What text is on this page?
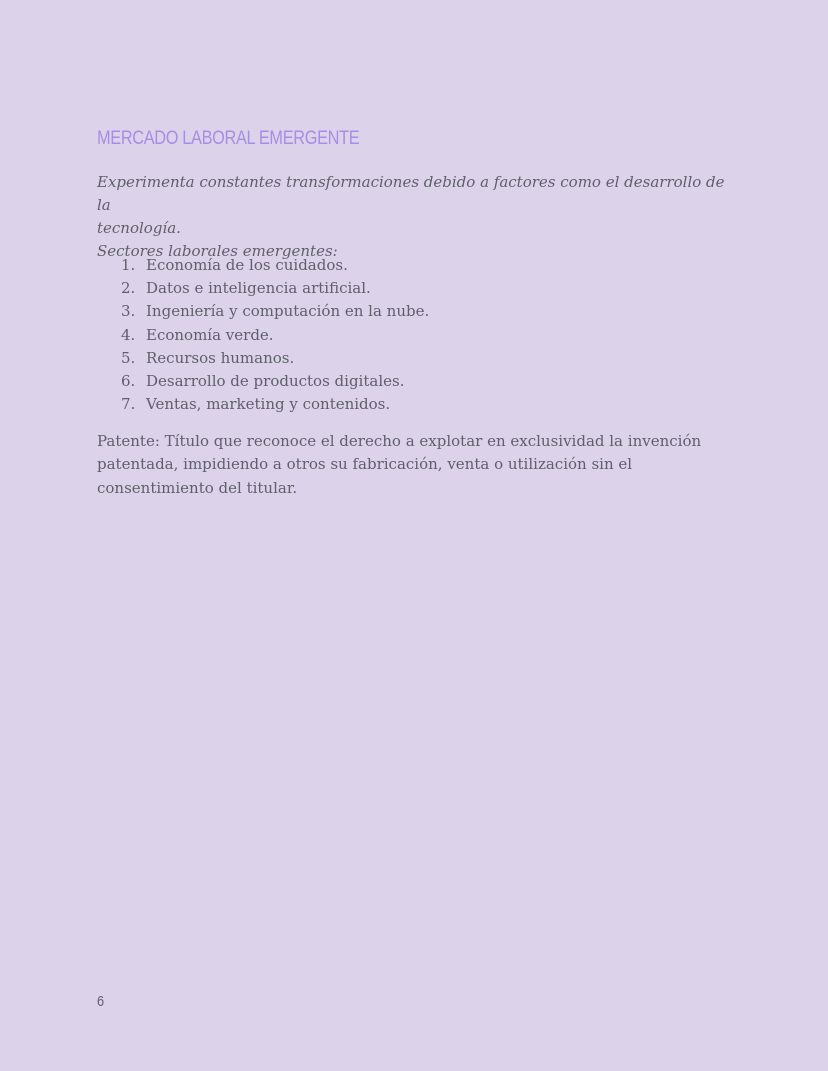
MERCADO LABORAL EMERGENTE

Experimenta constantes transformaciones debido a factores como el desarrollo de la
tecnología.
Sectores laborales emergentes:

1. Economía de los cuidados.
2. Datos e inteligencia artificial.
3. Ingeniería y computación en la nube.
4. Economía verde.
5. Recursos humanos.
6. Desarrollo de productos digitales.
7. Ventas, marketing y contenidos.

Patente: Título que reconoce el derecho a explotar en exclusividad la invención patentada, impidiendo a otros su fabricación, venta o utilización sin el consentimiento del titular.

6
